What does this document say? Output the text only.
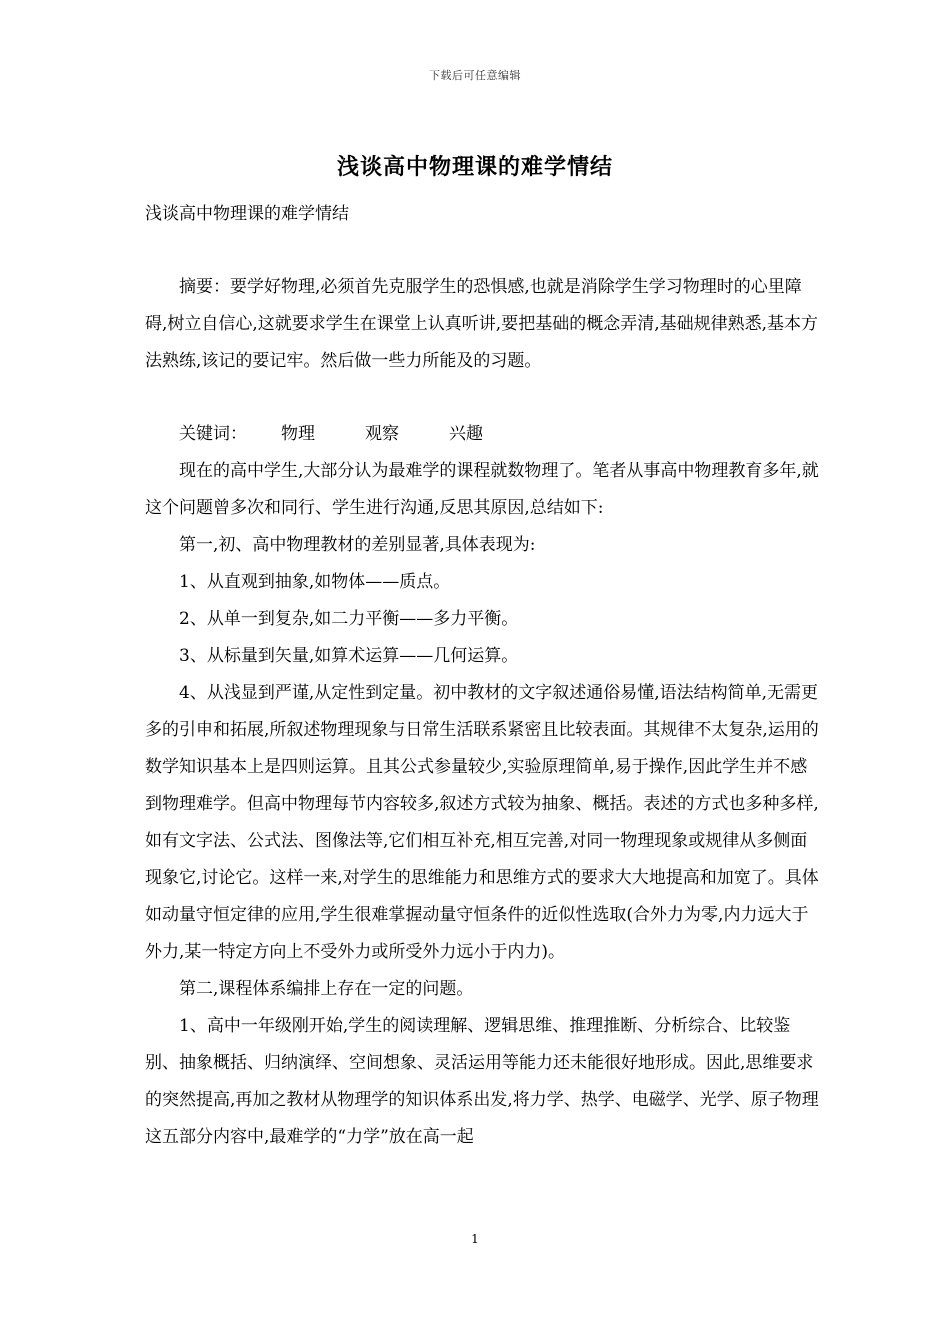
下载后可任意编辑
浅谈高中物理课的难学情结

浅谈高中物理课的难学情结

摘要：要学好物理,必须首先克服学生的恐惧感,也就是消除学生学习物理时的心里障碍,树立自信心,这就要求学生在课堂上认真听讲,要把基础的概念弄清,基础规律熟悉,基本方法熟练,该记的要记牢。然后做一些力所能及的习题。

关键词： 物理	观察	兴趣

现在的高中学生,大部分认为最难学的课程就数物理了。笔者从事高中物理教育多年,就这个问题曾多次和同行、学生进行沟通,反思其原因,总结如下:

第一,初、高中物理教材的差别显著,具体表现为:

1、从直观到抽象,如物体——质点。

2、从单一到复杂,如二力平衡——多力平衡。

3、从标量到矢量,如算术运算——几何运算。

4、从浅显到严谨,从定性到定量。初中教材的文字叙述通俗易懂,语法结构简单,无需更多的引申和拓展,所叙述物理现象与日常生活联系紧密且比较表面。其规律不太复杂,运用的数学知识基本上是四则运算。且其公式参量较少,实验原理简单,易于操作,因此学生并不感到物理难学。但高中物理每节内容较多,叙述方式较为抽象、概括。表述的方式也多种多样,如有文字法、公式法、图像法等,它们相互补充,相互完善,对同一物理现象或规律从多侧面现象它,讨论它。这样一来,对学生的思维能力和思维方式的要求大大地提高和加宽了。具体如动量守恒定律的应用,学生很难掌握动量守恒条件的近似性选取(合外力为零,内力远大于外力,某一特定方向上不受外力或所受外力远小于内力)。

第二,课程体系编排上存在一定的问题。

1、高中一年级刚开始,学生的阅读理解、逻辑思维、推理推断、分析综合、比较鉴别、抽象概括、归纳演绎、空间想象、灵活运用等能力还未能很好地形成。因此,思维要求的突然提高,再加之教材从物理学的知识体系出发,将力学、热学、电磁学、光学、原子物理这五部分内容中,最难学的“力学”放在高一起

1
